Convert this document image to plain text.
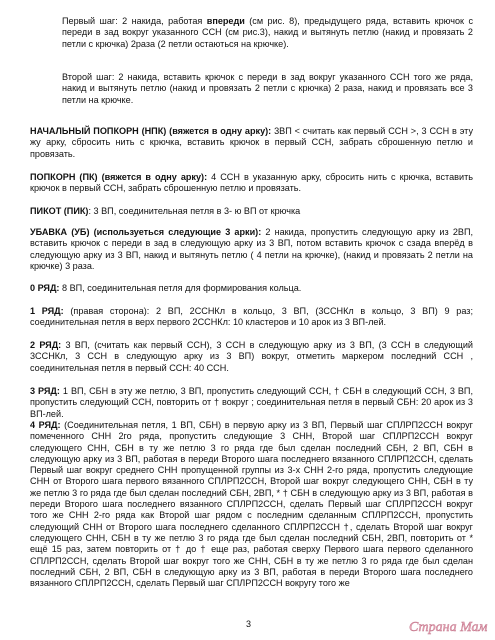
Первый шаг: 2 накида, работая впереди (см рис. 8), предыдущего ряда, вставить крючок с переди в зад вокруг указанного ССН (см рис.3), накид и вытянуть петлю (накид и провязать 2 петли с крючка) 2раза (2 петли остаються на крючке).

Второй шаг: 2 накида, вставить крючок с переди в зад вокруг указанного ССН того же ряда, накид и вытянуть петлю (накид и провязать 2 петли с крючка) 2 раза, накид и провязать все 3 петли на крючке.

НАЧАЛЬНЫЙ ПОПКОРН (НПК) (вяжется в одну арку): 3ВП < считать как первый ССН >, 3 ССН в эту жу арку, сбросить нить с крючка, вставить крючок в первый ССН, забрать сброшенную петлю и провязать.

ПОПКОРН (ПК) (вяжется в одну арку): 4 ССН в указанную арку, сбросить нить с крючка, вставить крючок в первый ССН, забрать сброшенную петлю и провязать.

ПИКОТ (ПИК): 3 ВП, соединительная петля в 3- ю ВП от крючка

УБАВКА (УБ) (используеться следующие 3 арки): 2 накида, пропустить следующую арку из 2ВП, вставить крючок с переди в зад в следующую арку из 3 ВП, потом вставить крючок с сзада вперёд в следующую арку из 3 ВП, накид и вытянуть петлю ( 4 петли на крючке), (накид и провязать 2 петли на крючке) 3 раза.

0 РЯД: 8 ВП, соединительная петля для формирования кольца.

1 РЯД: (правая сторона): 2 ВП, 2ССНКл в кольцо, 3 ВП, (3ССНКл в кольцо, 3 ВП) 9 раз; соединительная петля в верх первого 2ССНКл: 10 кластеров и 10 арок из 3 ВП-лей.

2 РЯД: 3 ВП, (считать как первый ССН), 3 ССН в следующую арку из 3 ВП, (3 ССН в следующий 3ССНКл, 3 ССН в следующую арку из 3 ВП) вокруг, отметить маркером последний ССН , соединительная петля в первый ССН: 40 ССН.

3 РЯД: 1 ВП, СБН в эту же петлю, 3 ВП, пропустить следующий ССН, † СБН в следующий ССН, 3 ВП, пропустить следующий ССН, повторить от † вокруг ; соединительная петля в первый СБН: 20 арок из 3 ВП-лей.

4 РЯД: (Соединительная петля, 1 ВП, СБН) в первую арку из 3 ВП, Первый шаг СПЛРП2ССН вокруг помеченного СНН 2го ряда, пропустить следующие 3 СНН, Второй шаг СПЛРП2ССН вокруг следующего СНН, СБН в ту же петлю 3 го ряда где был сделан последний СБН, 2 ВП, СБН в следующую арку из 3 ВП, работая в переди Второго шага последнего вязанного СПЛРП2ССН, сделать Первый шаг вокруг среднего СНН пропущенной группы из 3-х СНН 2-го ряда, пропустить следующие СНН от Второго шага первого вязанного СПЛРП2ССН, Второй шаг вокруг следующего СНН, СБН в ту же петлю 3 го ряда где был сделан последний СБН, 2ВП, * † СБН в следующую арку из 3 ВП, работая в переди Второго шага последнего вязанного СПЛРП2ССН, сделать Первый шаг СПЛРП2ССН вокруг того же СНН 2-го ряда как Второй шаг рядом с последним сделанным СПЛРП2ССН, пропустить следующий СНН от Второго шага последнего сделанного СПЛРП2ССН †, сделать Второй шаг вокруг следующего СНН, СБН в ту же петлю 3 го ряда где был сделан последний СБН, 2ВП, повторить от * ещё 15 раз, затем повторить от † до † еще раз, работая сверху Первого шага первого сделанного СПЛРП2ССН, сделать Второй шаг вокруг того же СНН, СБН в ту же петлю 3 го ряда где был сделан последний СБН, 2 ВП, СБН в следующую арку из 3 ВП, работая в переди Второго шага последнего вязанного СПЛРП2ССН, сделать Первый шаг СПЛРП2ССН вокругу того же

3	Страна Мам
